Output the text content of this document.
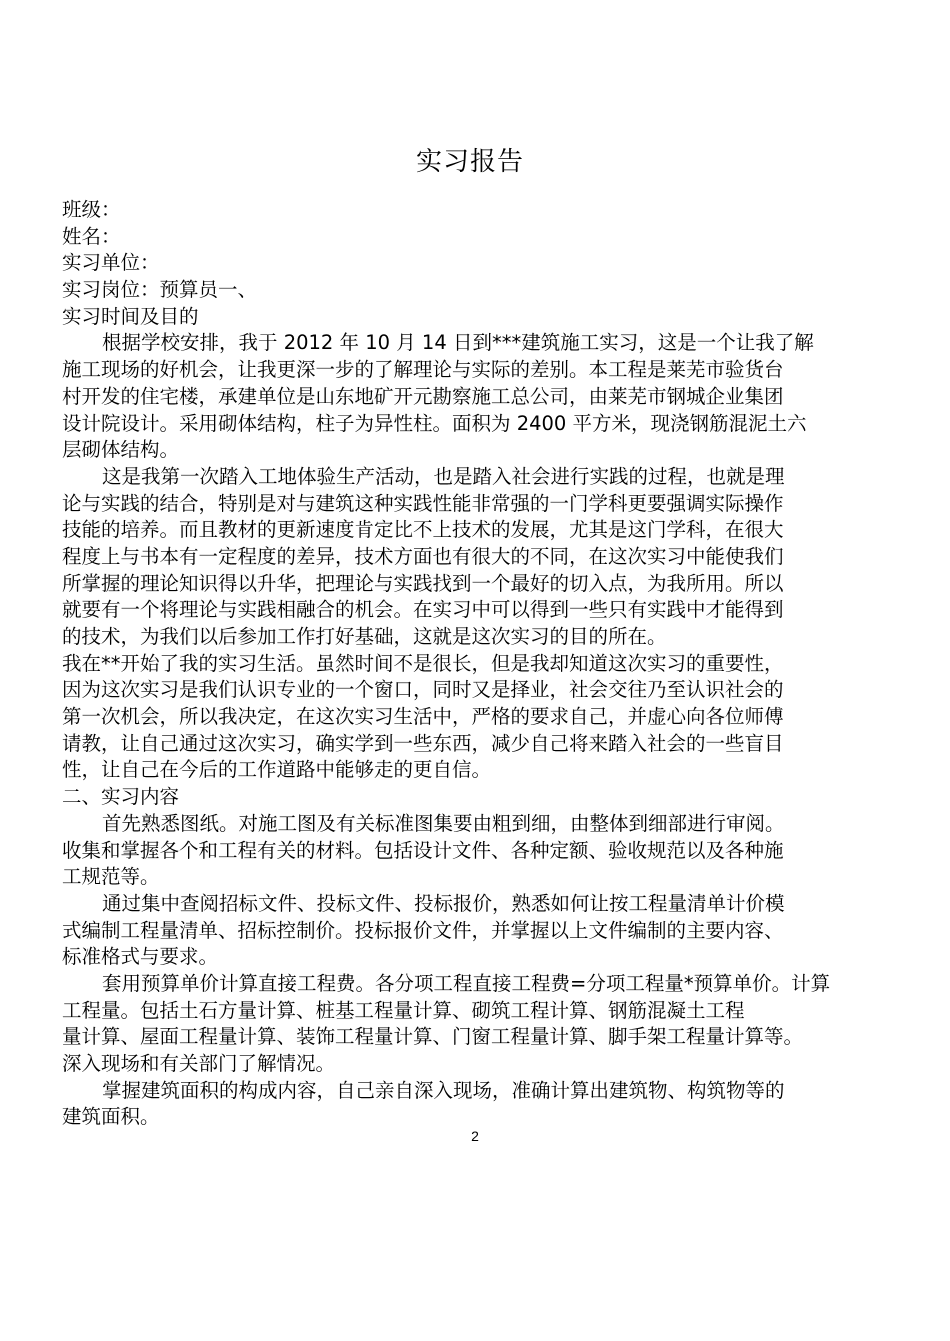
实习报告
班级：
姓名：
实习单位：
实习岗位：预算员一、
实习时间及目的
根据学校安排，我于 2012 年 10 月 14 日到***建筑施工实习，这是一个让我了解
施工现场的好机会，让我更深一步的了解理论与实际的差别。本工程是莱芜市验货台
村开发的住宅楼，承建单位是山东地矿开元勘察施工总公司，由莱芜市钢城企业集团
设计院设计。采用砌体结构，柱子为异性柱。面积为 2400 平方米，现浇钢筋混泥土六
层砌体结构。
这是我第一次踏入工地体验生产活动，也是踏入社会进行实践的过程，也就是理
论与实践的结合，特别是对与建筑这种实践性能非常强的一门学科更要强调实际操作
技能的培养。而且教材的更新速度肯定比不上技术的发展，尤其是这门学科，在很大
程度上与书本有一定程度的差异，技术方面也有很大的不同，在这次实习中能使我们
所掌握的理论知识得以升华，把理论与实践找到一个最好的切入点，为我所用。所以
就要有一个将理论与实践相融合的机会。在实习中可以得到一些只有实践中才能得到
的技术，为我们以后参加工作打好基础，这就是这次实习的目的所在。
我在**开始了我的实习生活。虽然时间不是很长，但是我却知道这次实习的重要性，
因为这次实习是我们认识专业的一个窗口，同时又是择业，社会交往乃至认识社会的
第一次机会，所以我决定，在这次实习生活中，严格的要求自己，并虚心向各位师傅
请教，让自己通过这次实习，确实学到一些东西，减少自己将来踏入社会的一些盲目
性，让自己在今后的工作道路中能够走的更自信。
二、实习内容
首先熟悉图纸。对施工图及有关标准图集要由粗到细，由整体到细部进行审阅。
收集和掌握各个和工程有关的材料。包括设计文件、各种定额、验收规范以及各种施
工规范等。
通过集中查阅招标文件、投标文件、投标报价，熟悉如何让按工程量清单计价模
式编制工程量清单、招标控制价。投标报价文件，并掌握以上文件编制的主要内容、
标准格式与要求。
套用预算单价计算直接工程费。各分项工程直接工程费=分项工程量*预算单价。计算
工程量。包括土石方量计算、桩基工程量计算、砌筑工程计算、钢筋混凝土工程
量计算、屋面工程量计算、装饰工程量计算、门窗工程量计算、脚手架工程量计算等。
深入现场和有关部门了解情况。
掌握建筑面积的构成内容，自己亲自深入现场，准确计算出建筑物、构筑物等的
建筑面积。
2
